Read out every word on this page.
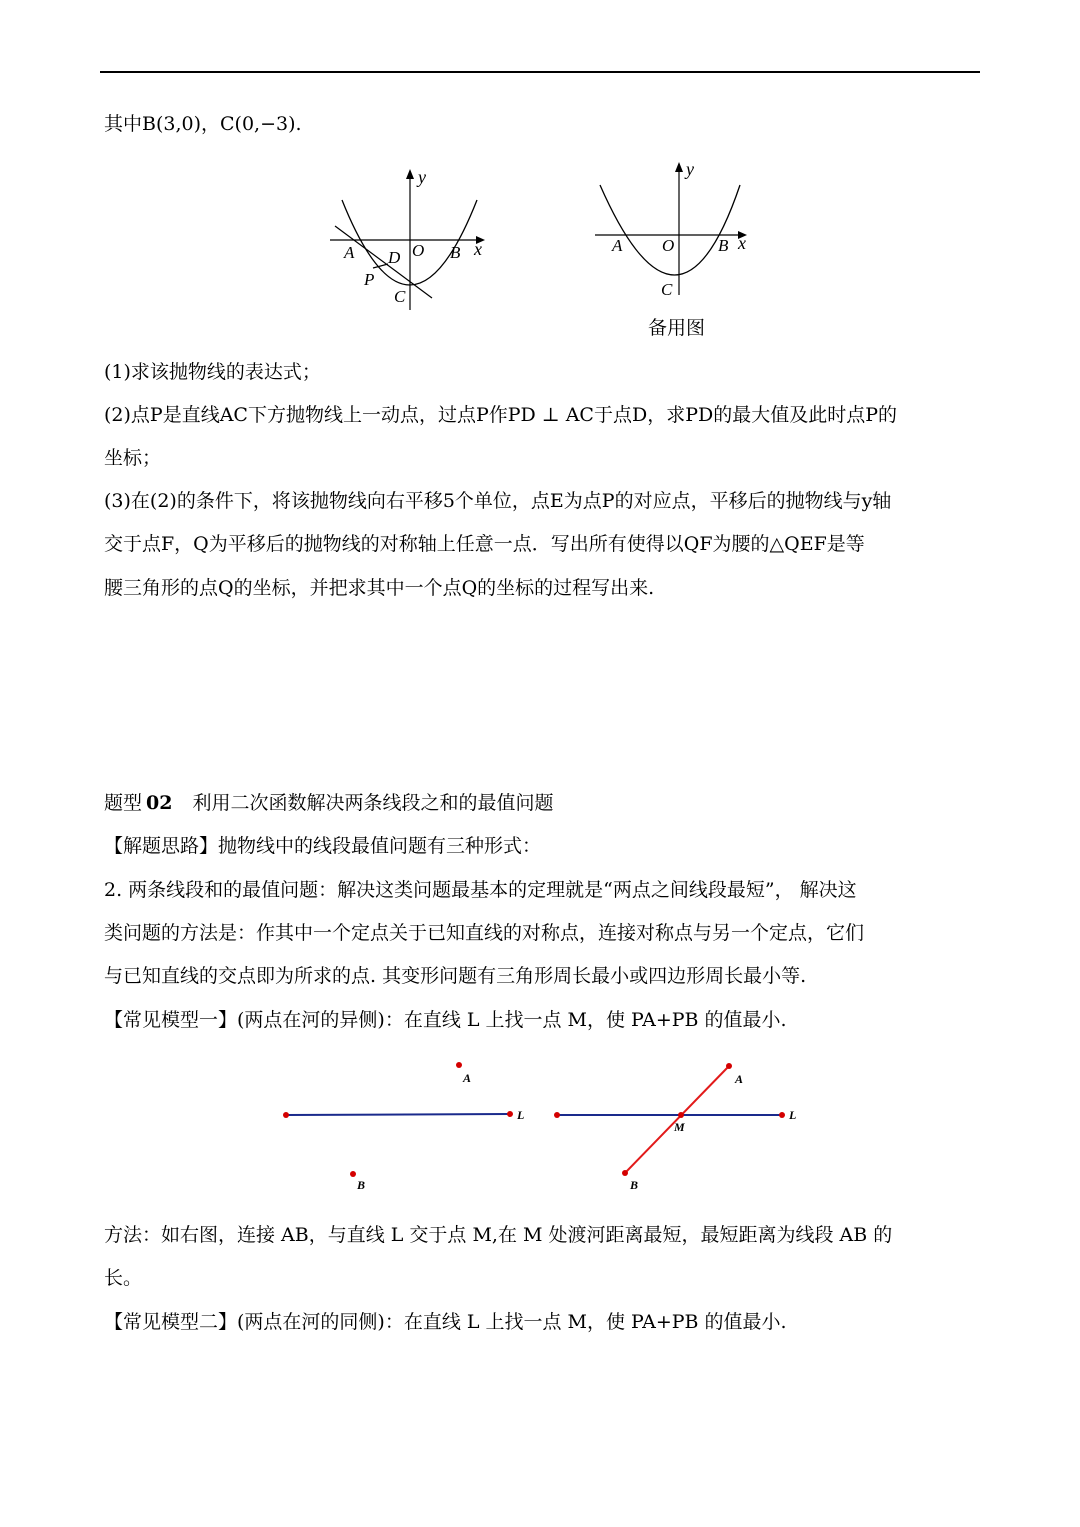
其中B(3,0)，C(0,−3).
y
x
A D O B
P
C
y
x
A O	B
C
备用图
(1)求该抛物线的表达式；
(2)点P是直线AC下方抛物线上一动点，过点P作PD ⊥ AC于点D，求PD的最大值及此时点P的
坐标；
(3)在(2)的条件下，将该抛物线向右平移5个单位，点E为点P的对应点，平移后的抛物线与y轴
交于点F，Q为平移后的抛物线的对称轴上任意一点．写出所有使得以QF为腰的△QEF是等
腰三角形的点Q的坐标，并把求其中一个点Q的坐标的过程写出来.
题型 02 利用二次函数解决两条线段之和的最值问题
【解题思路】抛物线中的线段最值问题有三种形式：
2. 两条线段和的最值问题：解决这类问题最基本的定理就是“两点之间线段最短”， 解决这
类问题的方法是：作其中一个定点关于已知直线的对称点，连接对称点与另一个定点，它们
与已知直线的交点即为所求的点. 其变形问题有三角形周长最小或四边形周长最小等.
【常见模型一】(两点在河的异侧)：在直线 L 上找一点 M，使 PA+PB 的值最小.
A
L
B
A
L
M
B
方法：如右图，连接 AB，与直线 L 交于点 M,在 M 处渡河距离最短，最短距离为线段 AB 的
长。
【常见模型二】(两点在河的同侧)：在直线 L 上找一点 M，使 PA+PB 的值最小.
